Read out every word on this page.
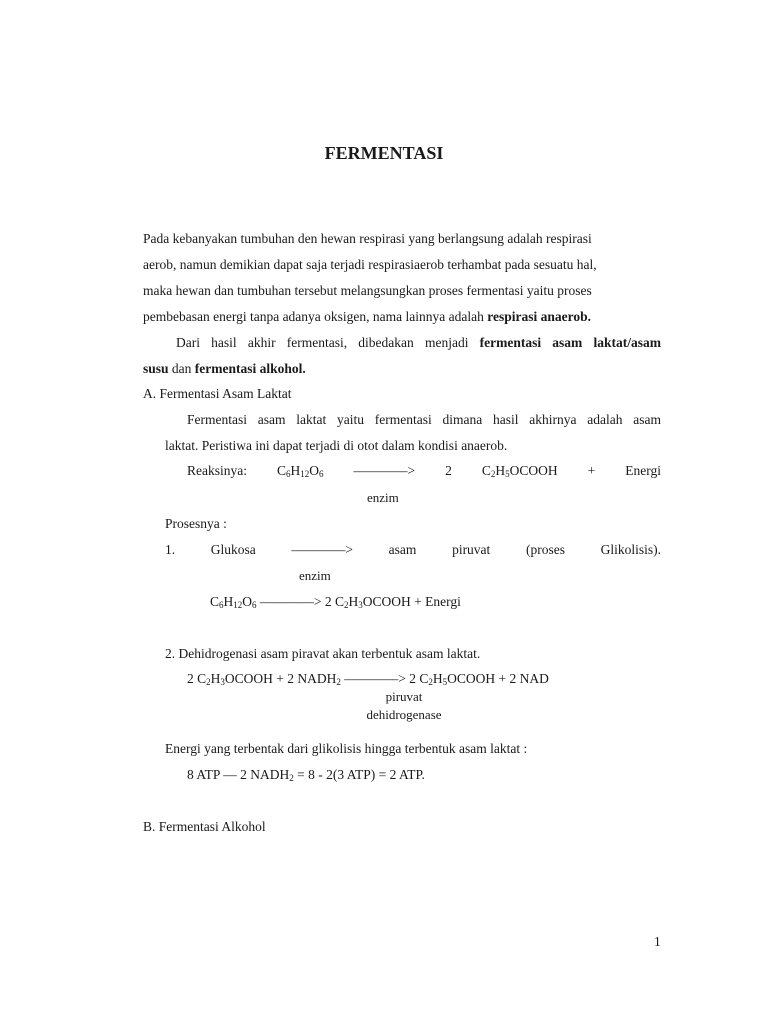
FERMENTASI
Pada kebanyakan tumbuhan den hewan respirasi yang berlangsung adalah respirasi
aerob, namun demikian dapat saja terjadi respirasiaerob terhambat pada sesuatu hal,
maka hewan dan tumbuhan tersebut melangsungkan proses fermentasi yaitu proses
pembebasan energi tanpa adanya oksigen, nama lainnya adalah respirasi anaerob.
Dari hasil akhir fermentasi, dibedakan menjadi fermentasi asam laktat/asam
susu dan fermentasi alkohol.
A. Fermentasi Asam Laktat
Fermentasi asam laktat yaitu fermentasi dimana hasil akhirnya adalah asam
laktat. Peristiwa ini dapat terjadi di otot dalam kondisi anaerob.
Reaksinya: $C_6H_{12}O_6$ ————> 2 $C_2H_5OCOOH$ + Energi
enzim
Prosesnya :
1.	Glukosa	————>	asam	piruvat	(proses	Glikolisis).
enzim
$C_6H_{12}O_6$ ————> 2 $C_2H_3OCOOH$ + Energi
2. Dehidrogenasi asam piravat akan terbentuk asam laktat.
2 $C_2H_3OCOOH + 2$ $NADH_2$ ————> 2 $C_2H_5OCOOH + 2$ NAD
piruvat
dehidrogenase
Energi yang terbentak dari glikolisis hingga terbentuk asam laktat :
8 ATP — 2 $NADH_2 = 8 - 2(3$ ATP) = 2 ATP.
B. Fermentasi Alkohol
1
